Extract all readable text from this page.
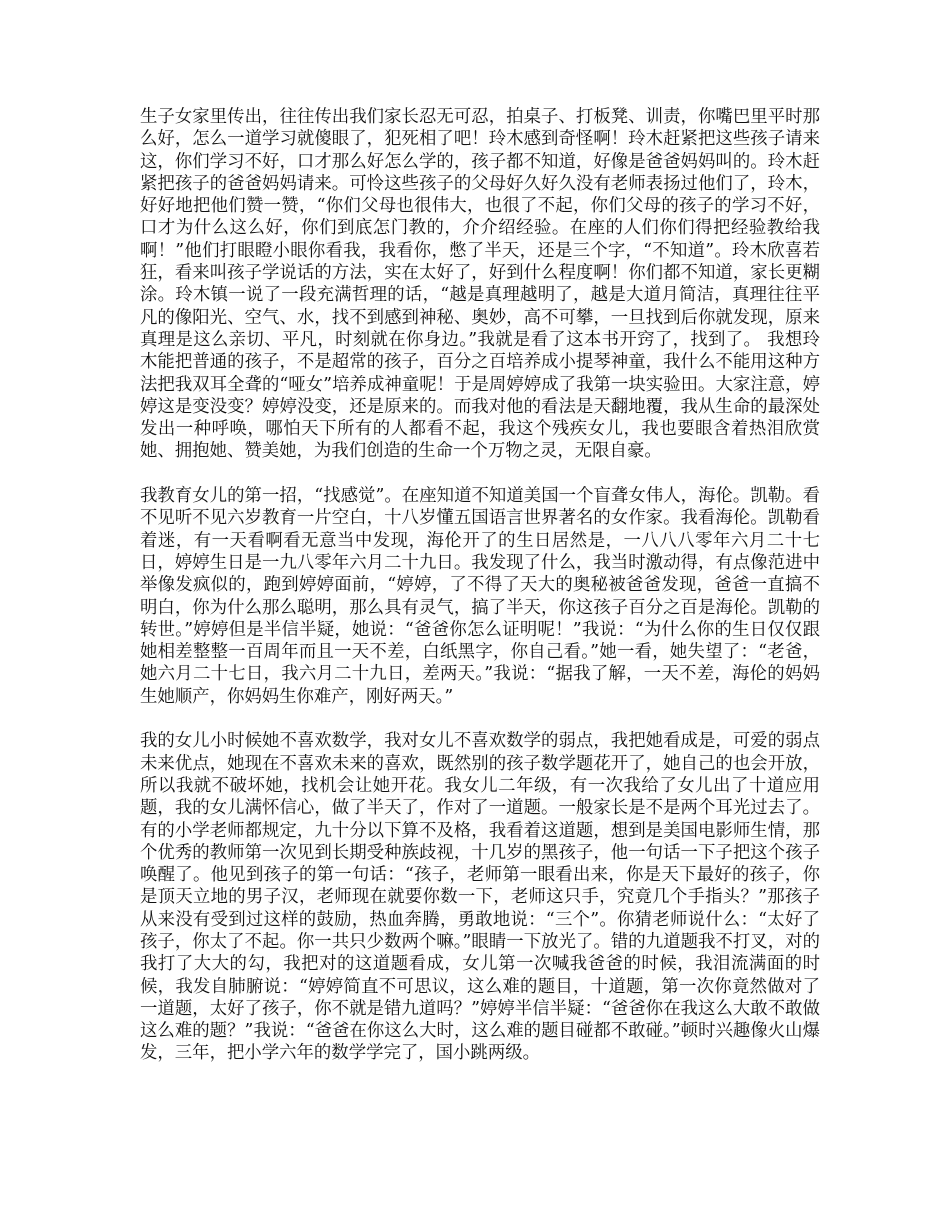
生子女家里传出，往往传出我们家长忍无可忍，拍桌子、打板凳、训责，你嘴巴里平时那么好，怎么一道学习就傻眼了，犯死相了吧！玲木感到奇怪啊！玲木赶紧把这些孩子请来这，你们学习不好，口才那么好怎么学的，孩子都不知道，好像是爸爸妈妈叫的。玲木赶紧把孩子的爸爸妈妈请来。可怜这些孩子的父母好久好久没有老师表扬过他们了，玲木，好好地把他们赞一赞，“你们父母也很伟大，也很了不起，你们父母的孩子的学习不好，口才为什么这么好，你们到底怎门教的，介介绍经验。在座的人们你们得把经验教给我啊！”他们打眼瞪小眼你看我，我看你，憋了半天，还是三个字，“不知道”。玲木欣喜若狂，看来叫孩子学说话的方法，实在太好了，好到什么程度啊！你们都不知道，家长更糊涂。玲木镇一说了一段充满哲理的话，“越是真理越明了，越是大道月简洁，真理往往平凡的像阳光、空气、水，找不到感到神秘、奥妙，高不可攀，一旦找到后你就发现，原来真理是这么亲切、平凡，时刻就在你身边。”我就是看了这本书开窍了，找到了。 我想玲木能把普通的孩子，不是超常的孩子，百分之百培养成小提琴神童，我什么不能用这种方法把我双耳全聋的“哑女”培养成神童呢！于是周婷婷成了我第一块实验田。大家注意，婷婷这是变没变？婷婷没变，还是原来的。而我对他的看法是天翻地覆，我从生命的最深处发出一种呼唤，哪怕天下所有的人都看不起，我这个残疾女儿，我也要眼含着热泪欣赏她、拥抱她、赞美她，为我们创造的生命一个万物之灵，无限自豪。

我教育女儿的第一招，“找感觉”。在座知道不知道美国一个盲聋女伟人，海伦。凯勒。看不见听不见六岁教育一片空白，十八岁懂五国语言世界著名的女作家。我看海伦。凯勒看着迷，有一天看啊看无意当中发现，海伦开了的生日居然是，一八八八零年六月二十七日，婷婷生日是一九八零年六月二十九日。我发现了什么，我当时激动得，有点像范进中举像发疯似的，跑到婷婷面前，“婷婷，了不得了天大的奥秘被爸爸发现，爸爸一直搞不明白，你为什么那么聪明，那么具有灵气，搞了半天，你这孩子百分之百是海伦。凯勒的转世。”婷婷但是半信半疑，她说：“爸爸你怎么证明呢！”我说：“为什么你的生日仅仅跟她相差整整一百周年而且一天不差，白纸黑字，你自己看。”她一看，她失望了：“老爸，她六月二十七日，我六月二十九日，差两天。”我说：“据我了解，一天不差，海伦的妈妈生她顺产，你妈妈生你难产，刚好两天。”

我的女儿小时候她不喜欢数学，我对女儿不喜欢数学的弱点，我把她看成是，可爱的弱点未来优点，她现在不喜欢未来的喜欢，既然别的孩子数学题花开了，她自己的也会开放，所以我就不破坏她，找机会让她开花。我女儿二年级，有一次我给了女儿出了十道应用题，我的女儿满怀信心，做了半天了，作对了一道题。一般家长是不是两个耳光过去了。有的小学老师都规定，九十分以下算不及格，我看着这道题，想到是美国电影师生情，那个优秀的教师第一次见到长期受种族歧视，十几岁的黑孩子，他一句话一下子把这个孩子唤醒了。他见到孩子的第一句话：“孩子，老师第一眼看出来，你是天下最好的孩子，你是顶天立地的男子汉，老师现在就要你数一下，老师这只手，究竟几个手指头？”那孩子从来没有受到过这样的鼓励，热血奔腾，勇敢地说：“三个”。你猜老师说什么：“太好了孩子，你太了不起。你一共只少数两个嘛。”眼睛一下放光了。错的九道题我不打叉，对的我打了大大的勾，我把对的这道题看成，女儿第一次喊我爸爸的时候，我泪流满面的时候，我发自肺腑说：“婷婷简直不可思议，这么难的题目，十道题，第一次你竟然做对了一道题，太好了孩子，你不就是错九道吗？”婷婷半信半疑：“爸爸你在我这么大敢不敢做这么难的题？”我说：“爸爸在你这么大时，这么难的题目碰都不敢碰。”顿时兴趣像火山爆发，三年，把小学六年的数学学完了，国小跳两级。
